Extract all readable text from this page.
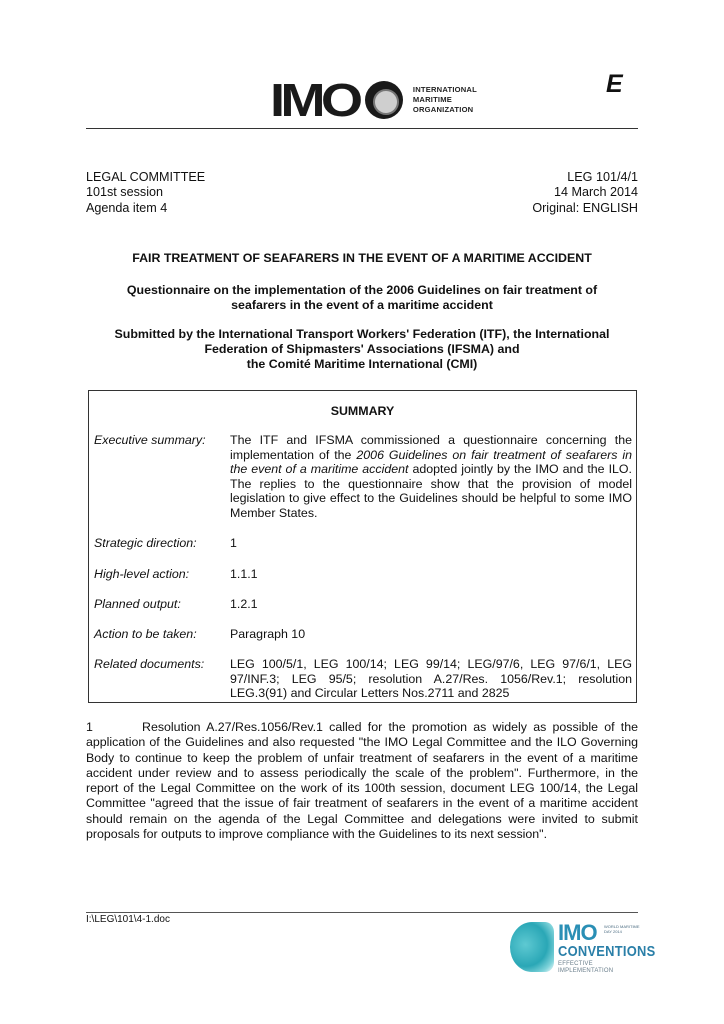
IMO	INTERNATIONAL
MARITIME
ORGANIZATION
E
LEGAL COMMITTEE
101st session
Agenda item 4
LEG 101/4/1
14 March 2014
Original: ENGLISH
FAIR TREATMENT OF SEAFARERS IN THE EVENT OF A MARITIME ACCIDENT
Questionnaire on the implementation of the 2006 Guidelines on fair treatment of
seafarers in the event of a maritime accident
Submitted by the International Transport Workers' Federation (ITF), the International
Federation of Shipmasters' Associations (IFSMA) and
the Comité Maritime International (CMI)
SUMMARY
Executive summary:	The ITF and IFSMA commissioned a questionnaire concerning the implementation of the 2006 Guidelines on fair treatment of seafarers in the event of a maritime accident adopted jointly by the IMO and the ILO. The replies to the questionnaire show that the provision of model legislation to give effect to the Guidelines should be helpful to some IMO Member States.
Strategic direction:	1
High-level action:	1.1.1
Planned output:	1.2.1
Action to be taken:	Paragraph 10
Related documents:	LEG 100/5/1, LEG 100/14; LEG 99/14; LEG/97/6, LEG 97/6/1, LEG 97/INF.3; LEG 95/5; resolution A.27/Res. 1056/Rev.1; resolution LEG.3(91) and Circular Letters Nos.2711 and 2825
1	Resolution A.27/Res.1056/Rev.1 called for the promotion as widely as possible of the application of the Guidelines and also requested "the IMO Legal Committee and the ILO Governing Body to continue to keep the problem of unfair treatment of seafarers in the event of a maritime accident under review and to assess periodically the scale of the problem". Furthermore, in the report of the Legal Committee on the work of its 100th session, document LEG 100/14, the Legal Committee "agreed that the issue of fair treatment of seafarers in the event of a maritime accident should remain on the agenda of the Legal Committee and delegations were invited to submit proposals for outputs to improve compliance with the Guidelines to its next session".
I:\LEG\101\4-1.doc
IMO WORLD MARITIME DAY 2014
CONVENTIONS
EFFECTIVE IMPLEMENTATION
